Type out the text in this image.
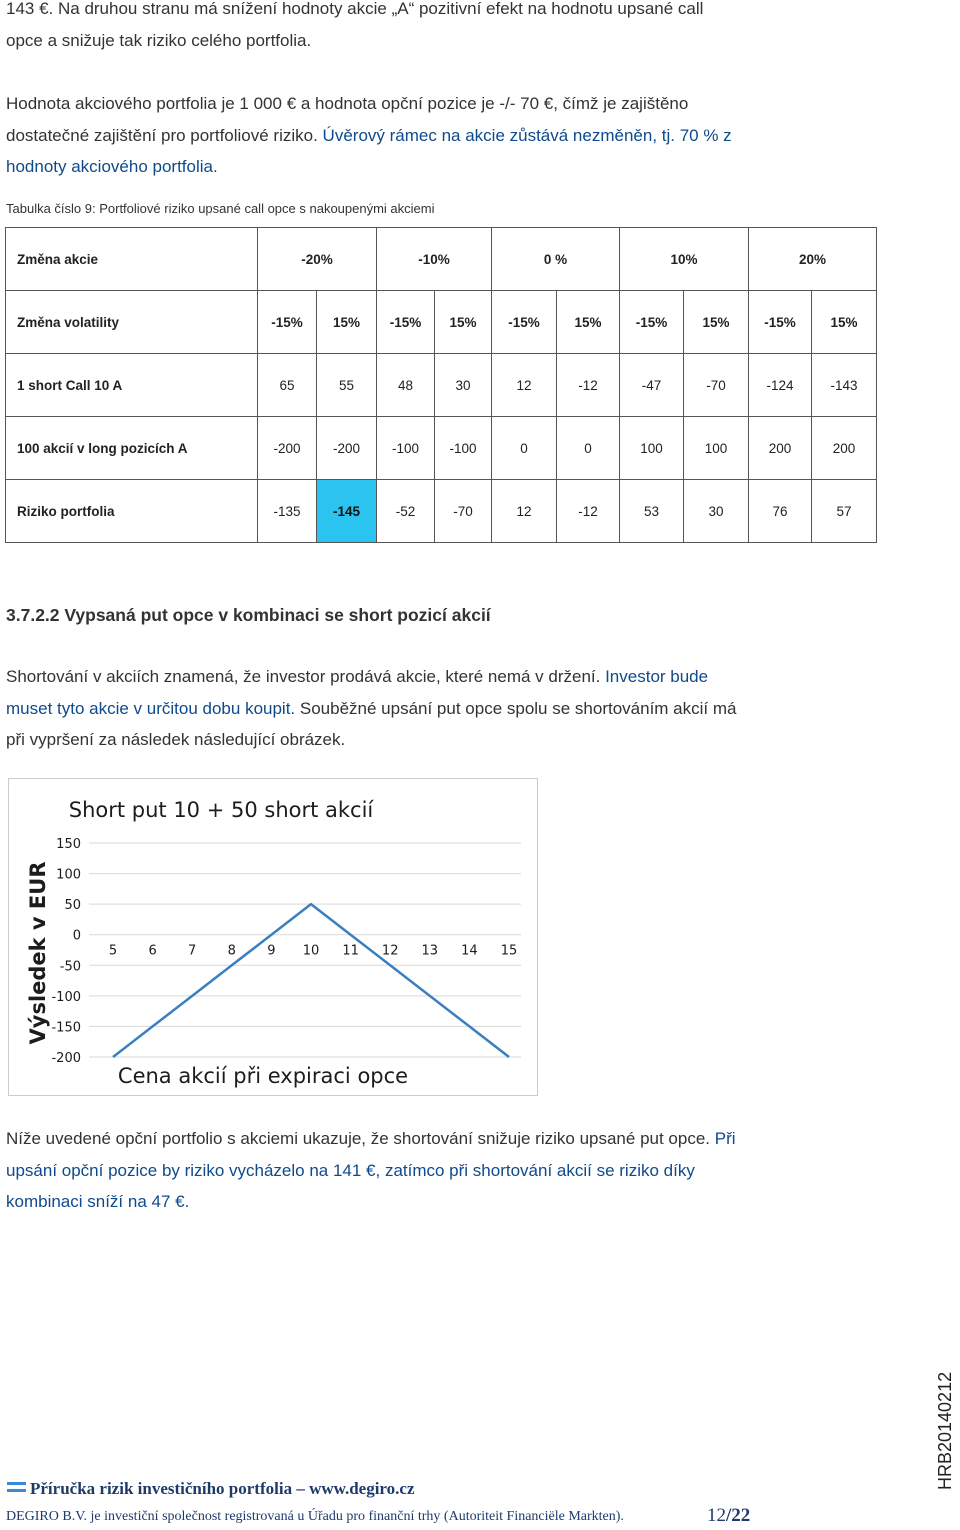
143 €. Na druhou stranu má snížení hodnoty akcie „A“ pozitivní efekt na hodnotu upsané call
opce a snižuje tak riziko celého portfolia.
Hodnota akciového portfolia je 1 000 € a hodnota opční pozice je -/- 70 €, čímž je zajištěno
dostatečné zajištění pro portfoliové riziko. Úvěrový rámec na akcie zůstává nezměněn, tj. 70 % z
hodnoty akciového portfolia.
Tabulka číslo 9: Portfoliové riziko upsané call opce s nakoupenými akciemi
Změna akcie	-20%		-10%		0 %		10%		20%	
Změna volatility	-15%	15%	-15%	15%	-15%	15%	-15%	15%	-15%	15%
1 short Call 10 A	65	55	48	30	12	-12	-47	-70	-124	-143
100 akcií v long pozicích A	-200	-200	-100	-100	0	0	100	100	200	200
Riziko portfolia	-135	-145	-52	-70	12	-12	53	30	76	57
3.7.2.2 Vypsaná put opce v kombinaci se short pozicí akcií
Shortování v akciích znamená, že investor prodává akcie, které nemá v držení. Investor bude
muset tyto akcie v určitou dobu koupit. Souběžné upsání put opce spolu se shortováním akcií má
při vypršení za následek následující obrázek.
Short put 10 + 50 short akcií
Výsledek v EUR
Cena akcií při expiraci opce
150
100
50
0
-50
-100
-150
-200
5 6 7 8 9 10 11 12 13 14 15
Níže uvedené opční portfolio s akciemi ukazuje, že shortování snižuje riziko upsané put opce. Při
upsání opční pozice by riziko vycházelo na 141 €, zatímco při shortování akcií se riziko díky
kombinaci sníží na 47 €.
Příručka rizik investičního portfolia – www.degiro.cz
DEGIRO B.V. je investiční společnost registrovaná u Úřadu pro finanční trhy (Autoriteit Financiële Markten).	12/22
HRB20140212
